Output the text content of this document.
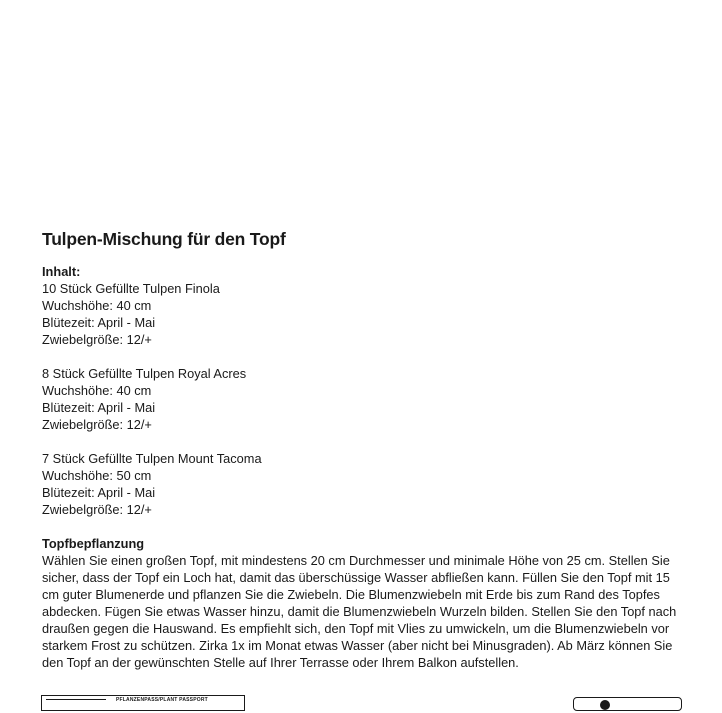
Tulpen-Mischung für den Topf

Inhalt:

10 Stück Gefüllte Tulpen Finola

Wuchshöhe: 40 cm

Blütezeit: April - Mai

Zwiebelgröße: 12/+

8 Stück Gefüllte Tulpen Royal Acres

Wuchshöhe: 40 cm

Blütezeit: April - Mai

Zwiebelgröße: 12/+

7 Stück Gefüllte Tulpen Mount Tacoma

Wuchshöhe: 50 cm

Blütezeit: April - Mai

Zwiebelgröße: 12/+

Topfbepflanzung

Wählen Sie einen großen Topf, mit mindestens 20 cm Durchmesser und minimale Höhe von 25 cm. Stellen Sie

sicher, dass der Topf ein Loch hat, damit das überschüssige Wasser abfließen kann. Füllen Sie den Topf mit 15

cm guter Blumenerde und pflanzen Sie die Zwiebeln. Die Blumenzwiebeln mit Erde bis zum Rand des Topfes

abdecken. Fügen Sie etwas Wasser hinzu, damit die Blumenzwiebeln Wurzeln bilden. Stellen Sie den Topf nach

draußen gegen die Hauswand. Es empfiehlt sich, den Topf mit Vlies zu umwickeln, um die Blumenzwiebeln vor

starkem Frost zu schützen. Zirka 1x im Monat etwas Wasser (aber nicht bei Minusgraden). Ab März können Sie

den Topf an der gewünschten Stelle auf Ihrer Terrasse oder Ihrem Balkon aufstellen.

PFLANZENPASS/PLANT PASSPORT
